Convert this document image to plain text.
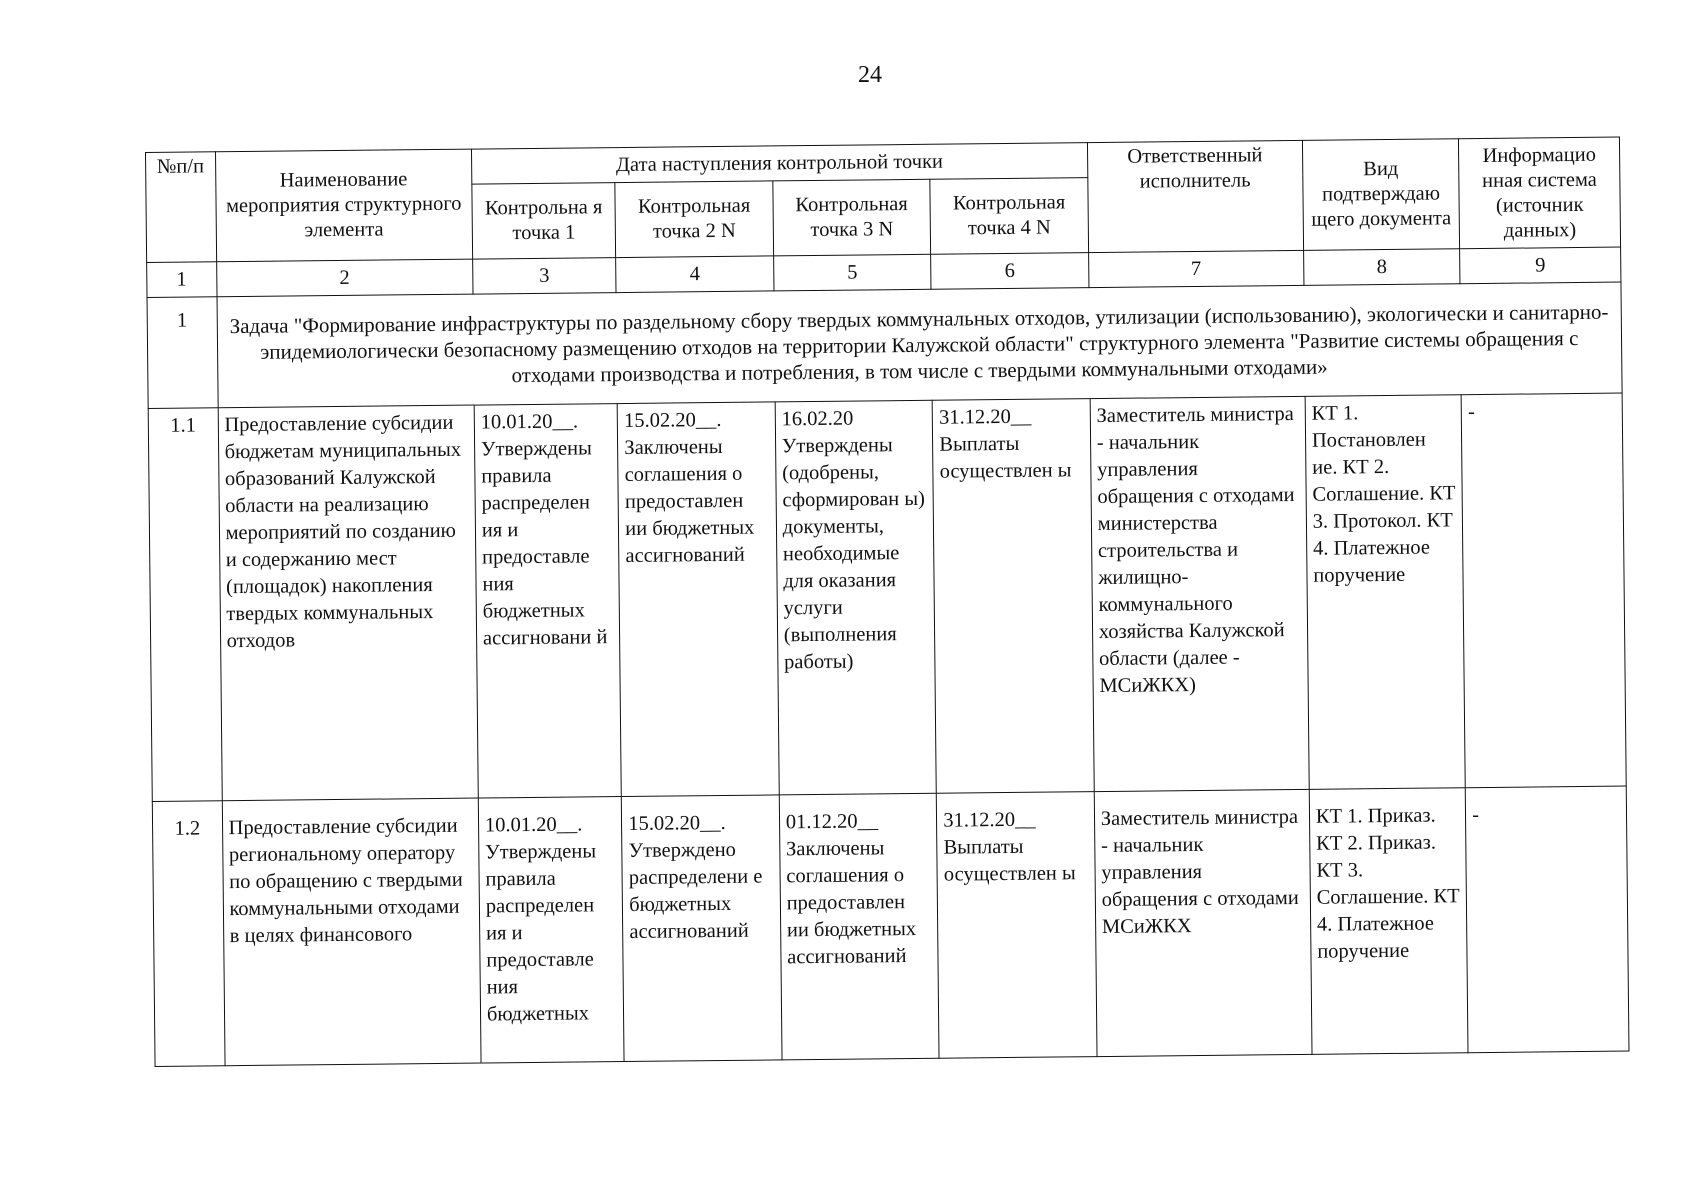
24
№п/п	Наименование мероприятия структурного элемента	Дата наступления контрольной точки				Ответственный исполнитель	Вид подтверждаю щего документа	Информацио нная система (источник данных)
		Контрольна я точка 1	Контрольная точка 2 N	Контрольная точка 3 N	Контрольная точка 4 N			
1	2	3	4	5	6	7	8	9
1	Задача "Формирование инфраструктуры по раздельному сбору твердых коммунальных отходов, утилизации (использованию), экологически и санитарно-эпидемиологически безопасному размещению отходов на территории Калужской области" структурного элемента "Развитие системы обращения с отходами производства и потребления, в том числе с твердыми коммунальными отходами»							
1.1	Предоставление субсидии бюджетам муниципальных образований Калужской области на реализацию мероприятий по созданию и содержанию мест (площадок) накопления твердых коммунальных отходов	10.01.20__. Утверждены правила распределен ия и предоставле ния бюджетных ассигновани й	15.02.20__. Заключены соглашения о предоставлен ии бюджетных ассигнований	16.02.20 Утверждены (одобрены, сформирован ы) документы, необходимые для оказания услуги (выполнения работы)	31.12.20__ Выплаты осуществлен ы	Заместитель министра - начальник управления обращения с отходами министерства строительства и жилищно-коммунального хозяйства Калужской области (далее - МСиЖКХ)	КТ 1. Постановлен ие. КТ 2. Соглашение. КТ 3. Протокол. КТ 4. Платежное поручение	-
1.2	Предоставление субсидии региональному оператору по обращению с твердыми коммунальными отходами в целях финансового	10.01.20__. Утверждены правила распределен ия и предоставле ния бюджетных	15.02.20__. Утверждено распределени е бюджетных ассигнований	01.12.20__ Заключены соглашения о предоставлен ии бюджетных ассигнований	31.12.20__ Выплаты осуществлен ы	Заместитель министра - начальник управления обращения с отходами МСиЖКХ	КТ 1. Приказ. КТ 2. Приказ. КТ 3. Соглашение. КТ 4. Платежное поручение	-
